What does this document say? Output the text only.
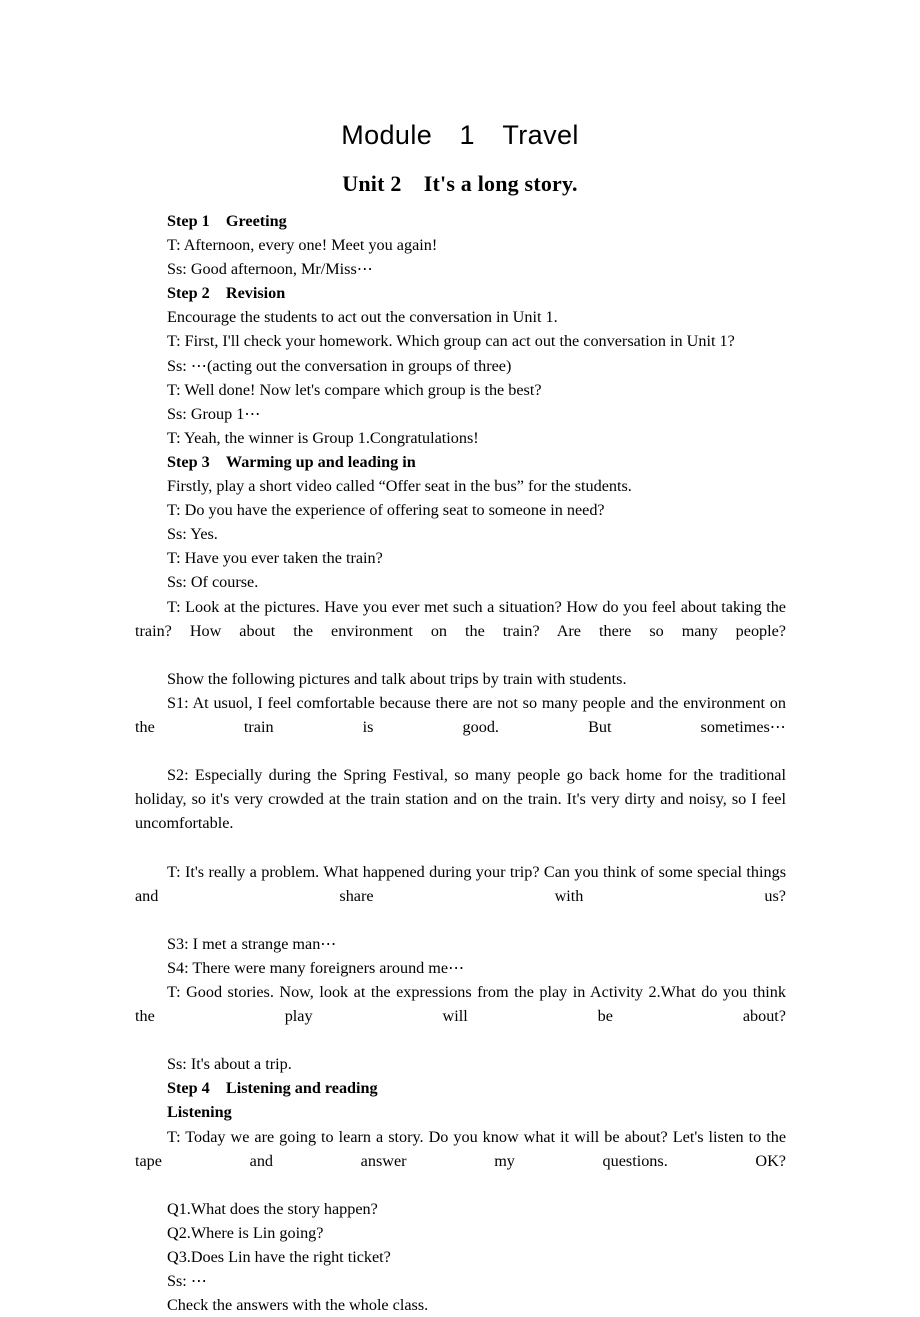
Module　1　Travel
Unit 2　It's a long story.

Step 1　Greeting

T: Afternoon, every one! Meet you again!

Ss: Good afternoon, Mr/Miss⋯

Step 2　Revision

Encourage the students to act out the conversation in Unit 1.

T: First, I'll check your homework. Which group can act out the conversation in Unit 1?

Ss: ⋯(acting out the conversation in groups of three)

T: Well done! Now let's compare which group is the best?

Ss: Group 1⋯

T: Yeah, the winner is Group 1.Congratulations!

Step 3　Warming up and leading in

Firstly, play a short video called “Offer seat in the bus” for the students.

T: Do you have the experience of offering seat to someone in need?

Ss: Yes.

T: Have you ever taken the train?

Ss: Of course.

T: Look at the pictures. Have you ever met such a situation? How do you feel about taking the train? How about the environment on the train? Are there so many people?

Show the following pictures and talk about trips by train with students.

S1: At usuol, I feel comfortable because there are not so many people and the environment on the train is good. But sometimes⋯

S2: Especially during the Spring Festival, so many people go back home for the traditional holiday, so it's very crowded at the train station and on the train. It's very dirty and noisy, so I feel uncomfortable.

T: It's really a problem. What happened during your trip? Can you think of some special things and share with us?

S3: I met a strange man⋯

S4: There were many foreigners around me⋯

T: Good stories. Now, look at the expressions from the play in Activity 2.What do you think the play will be about?

Ss: It's about a trip.

Step 4　Listening and reading

Listening

T: Today we are going to learn a story. Do you know what it will be about? Let's listen to the tape and answer my questions. OK?

Q1.What does the story happen?

Q2.Where is Lin going?

Q3.Does Lin have the right ticket?

Ss: ⋯

Check the answers with the whole class.
